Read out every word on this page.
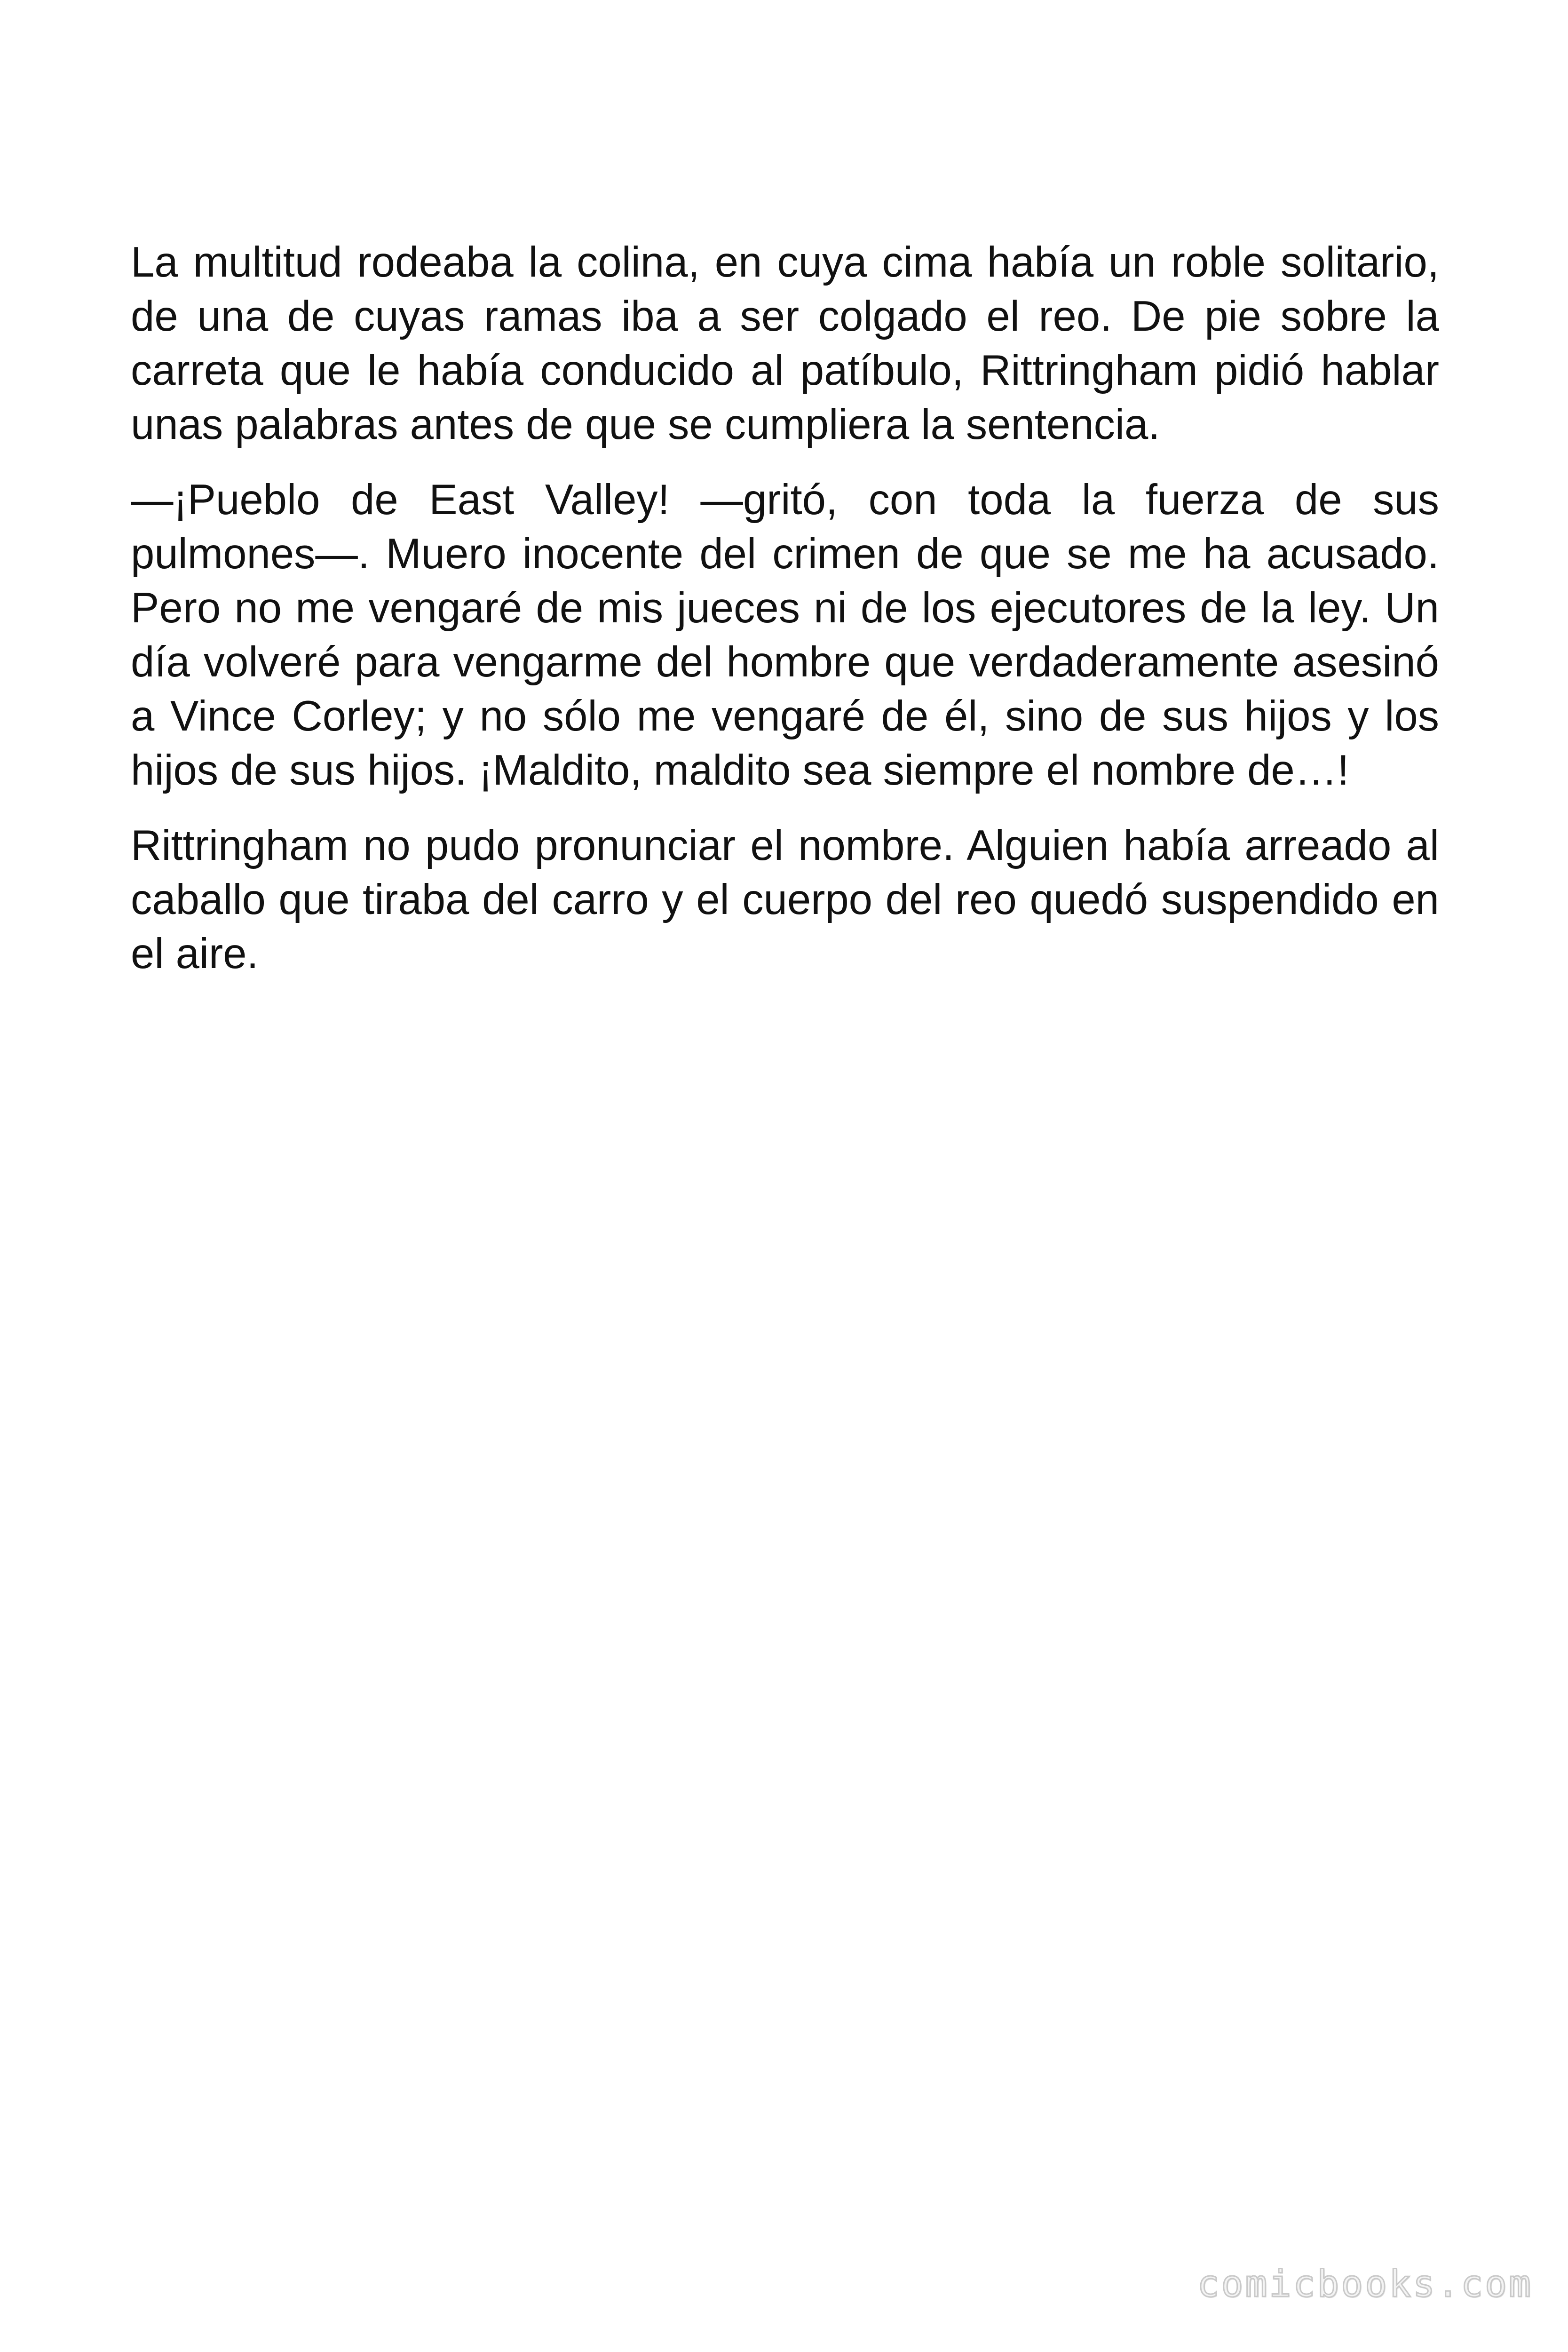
La multitud rodeaba la colina, en cuya cima había un roble solitario, de una de cuyas ramas iba a ser colgado el reo. De pie sobre la carreta que le había conducido al patíbulo, Rittringham pidió hablar unas palabras antes de que se cumpliera la sentencia.

—¡Pueblo de East Valley! —gritó, con toda la fuerza de sus pulmones—. Muero inocente del crimen de que se me ha acusado. Pero no me vengaré de mis jueces ni de los ejecutores de la ley. Un día volveré para vengarme del hombre que verdaderamente asesinó a Vince Corley; y no sólo me vengaré de él, sino de sus hijos y los hijos de sus hijos. ¡Maldito, maldito sea siempre el nombre de…!

Rittringham no pudo pronunciar el nombre. Alguien había arreado al caballo que tiraba del carro y el cuerpo del reo quedó suspendido en el aire.

comicbooks.com
